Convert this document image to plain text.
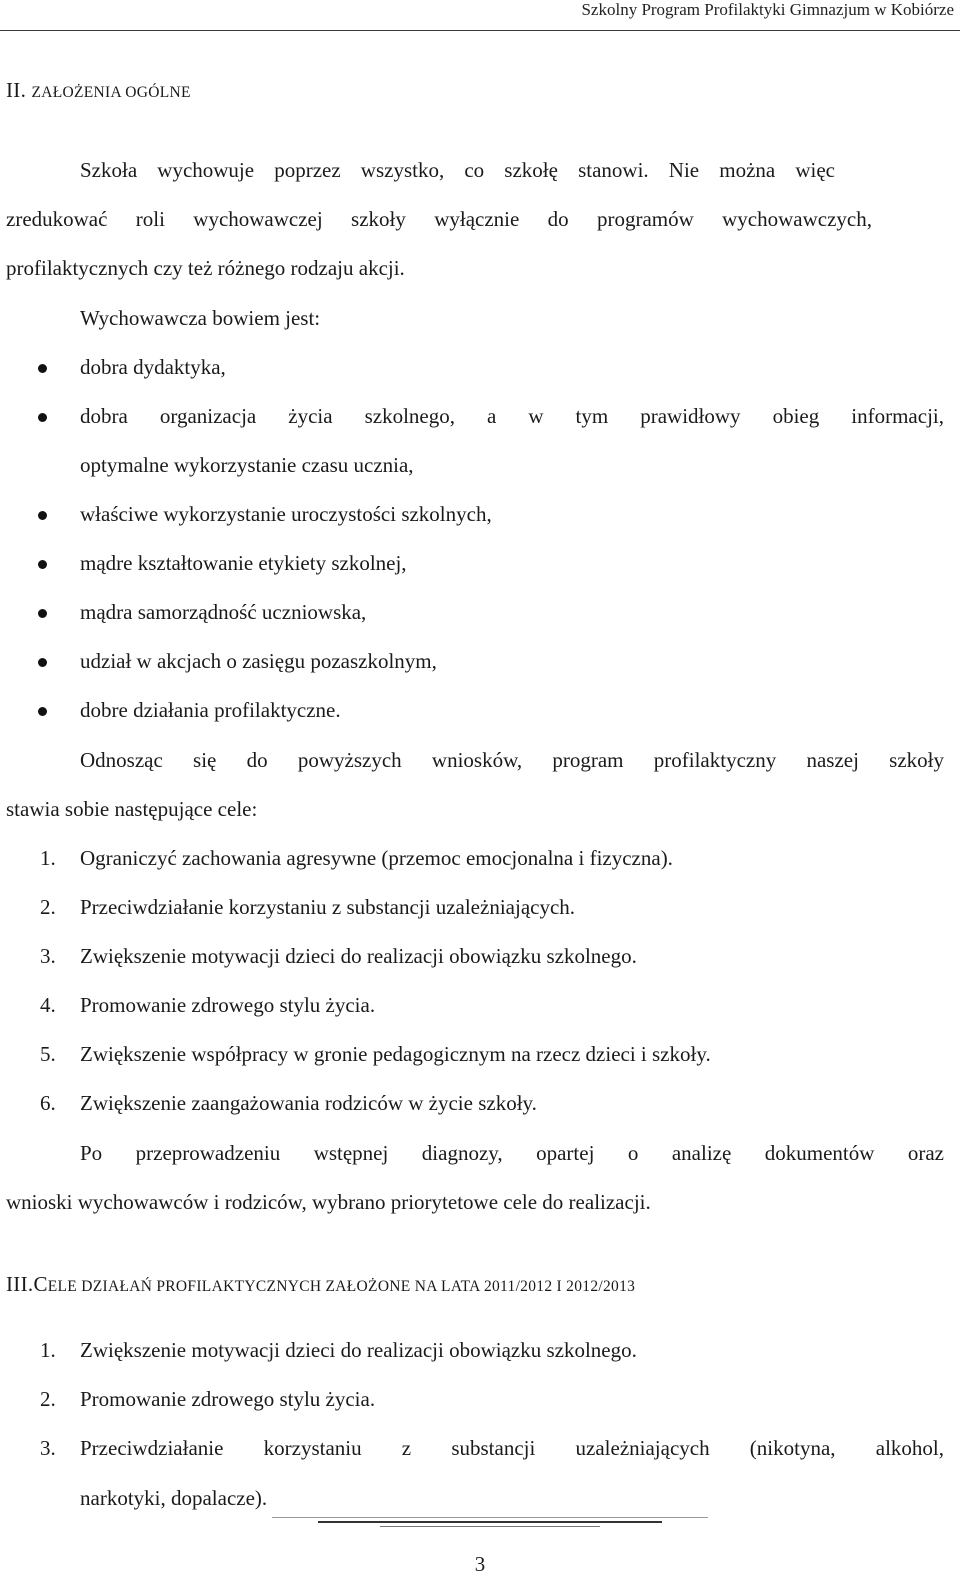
Szkolny Program Profilaktyki Gimnazjum w Kobiórze
II. ZAŁOŻENIA OGÓLNE
Szkoła wychowuje poprzez wszystko, co szkołę stanowi. Nie można więc
zredukować roli wychowawczej szkoły wyłącznie do programów wychowawczych,
profilaktycznych czy też różnego rodzaju akcji.
Wychowawcza bowiem jest:
dobra dydaktyka,
dobra organizacja życia szkolnego, a w tym prawidłowy obieg informacji,
optymalne wykorzystanie czasu ucznia,
właściwe wykorzystanie uroczystości szkolnych,
mądre kształtowanie etykiety szkolnej,
mądra samorządność uczniowska,
udział w akcjach o zasięgu pozaszkolnym,
dobre działania profilaktyczne.
Odnosząc się do powyższych wniosków, program profilaktyczny naszej szkoły
stawia sobie następujące cele:
1. Ograniczyć zachowania agresywne (przemoc emocjonalna i fizyczna).
2. Przeciwdziałanie korzystaniu z substancji uzależniających.
3. Zwiększenie motywacji dzieci do realizacji obowiązku szkolnego.
4. Promowanie zdrowego stylu życia.
5. Zwiększenie współpracy w gronie pedagogicznym na rzecz dzieci i szkoły.
6. Zwiększenie zaangażowania rodziców w życie szkoły.
Po przeprowadzeniu wstępnej diagnozy, opartej o analizę dokumentów oraz
wnioski wychowawców i rodziców, wybrano priorytetowe cele do realizacji.
III.CELE DZIAŁAŃ PROFILAKTYCZNYCH ZAŁOŻONE NA LATA 2011/2012 I 2012/2013
1. Zwiększenie motywacji dzieci do realizacji obowiązku szkolnego.
2. Promowanie zdrowego stylu życia.
3. Przeciwdziałanie korzystaniu z substancji uzależniających (nikotyna, alkohol,
narkotyki, dopalacze).
3
